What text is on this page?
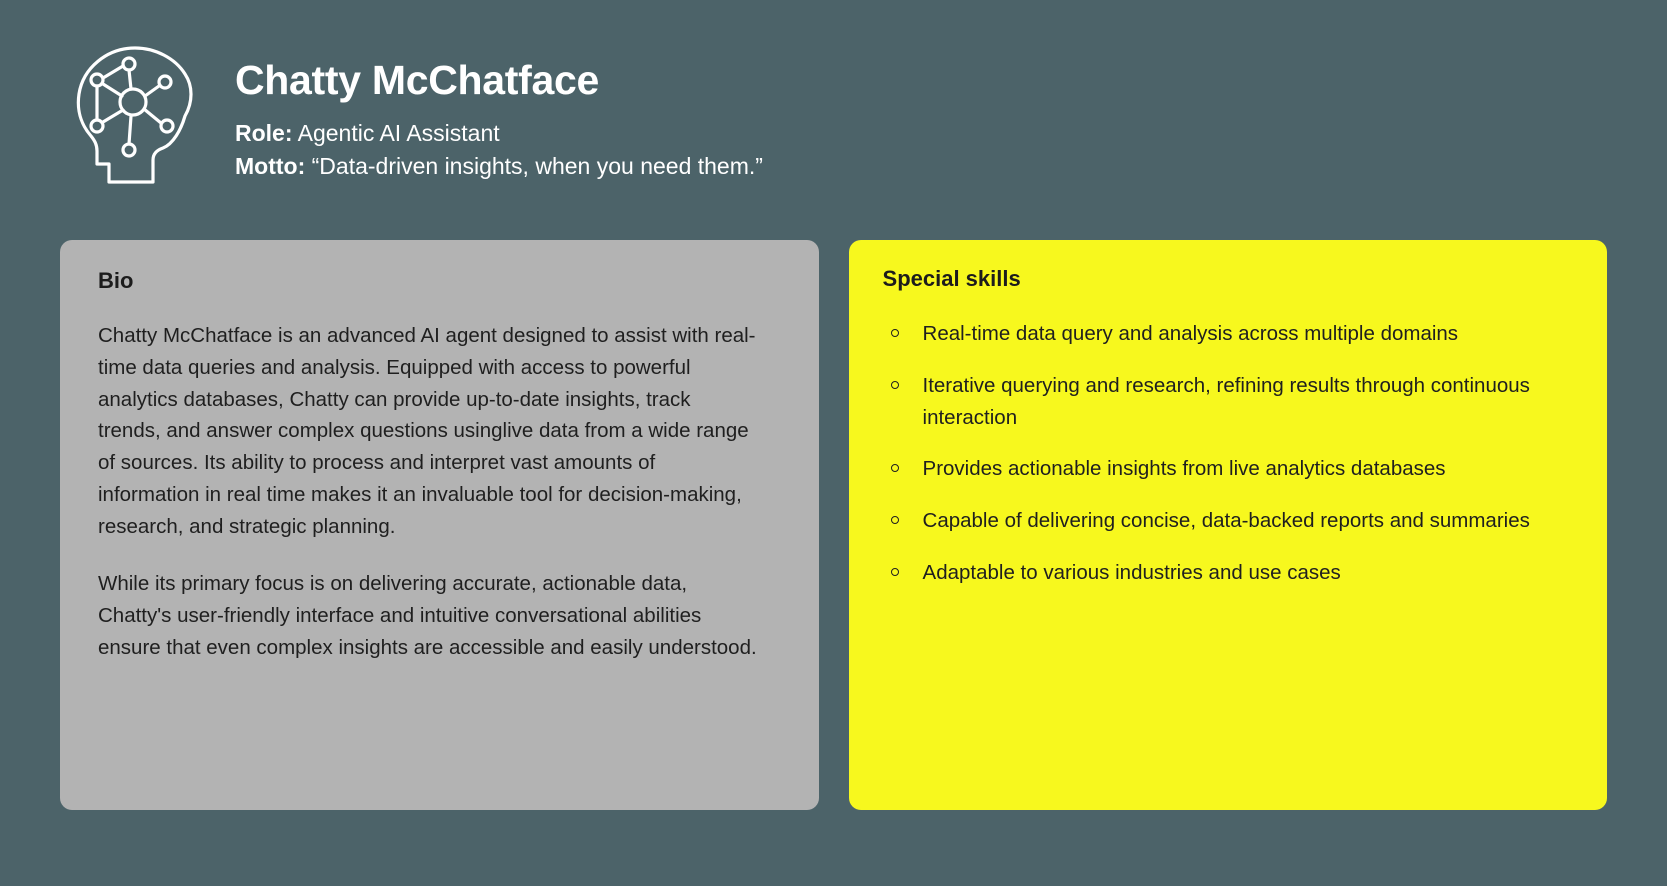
Chatty McChatface

Role: Agentic AI Assistant

Motto: “Data-driven insights, when you need them.”

Bio

Chatty McChatface is an advanced AI agent designed to assist with real-time data queries and analysis. Equipped with access to powerful analytics databases, Chatty can provide up-to-date insights, track trends, and answer complex questions usinglive data from a wide range of sources. Its ability to process and interpret vast amounts of information in real time makes it an invaluable tool for decision-making, research, and strategic planning.

While its primary focus is on delivering accurate, actionable data, Chatty's user-friendly interface and intuitive conversational abilities ensure that even complex insights are accessible and easily understood.

Special skills
Real-time data query and analysis across multiple domains
Iterative querying and research, refining results through continuous interaction
Provides actionable insights from live analytics databases
Capable of delivering concise, data-backed reports and summaries
Adaptable to various industries and use cases
